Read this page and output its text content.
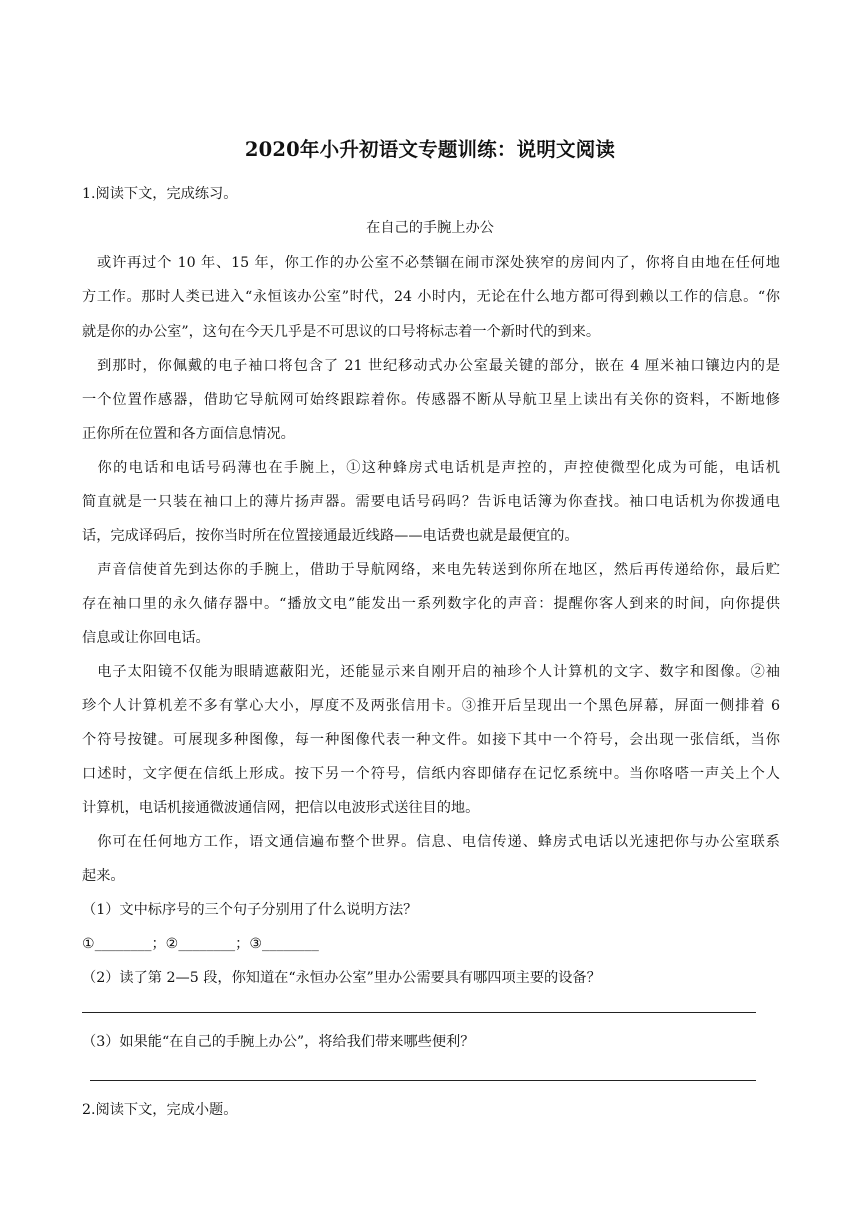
2020年小升初语文专题训练：说明文阅读
1.阅读下文，完成练习。
在自己的手腕上办公
　或许再过个 10 年、15 年，你工作的办公室不必禁锢在闹市深处狭窄的房间内了，你将自由地在任何地
方工作。那时人类已进入“永恒该办公室”时代，24 小时内，无论在什么地方都可得到赖以工作的信息。“你
就是你的办公室”，这句在今天几乎是不可思议的口号将标志着一个新时代的到来。
　到那时，你佩戴的电子袖口将包含了 21 世纪移动式办公室最关键的部分，嵌在 4 厘米袖口镶边内的是
一个位置作感器，借助它导航网可始终跟踪着你。传感器不断从导航卫星上读出有关你的资料，不断地修
正你所在位置和各方面信息情况。
　你的电话和电话号码薄也在手腕上，①这种蜂房式电话机是声控的，声控使微型化成为可能，电话机
简直就是一只装在袖口上的薄片扬声器。需要电话号码吗？告诉电话簿为你查找。袖口电话机为你拨通电
话，完成译码后，按你当时所在位置接通最近线路——电话费也就是最便宜的。
　声音信使首先到达你的手腕上，借助于导航网络，来电先转送到你所在地区，然后再传递给你，最后贮
存在袖口里的永久储存器中。“播放文电”能发出一系列数字化的声音：提醒你客人到来的时间，向你提供
信息或让你回电话。
　电子太阳镜不仅能为眼睛遮蔽阳光，还能显示来自刚开启的袖珍个人计算机的文字、数字和图像。②袖
珍个人计算机差不多有掌心大小，厚度不及两张信用卡。③推开后呈现出一个黑色屏幕，屏面一侧排着 6
个符号按键。可展现多种图像，每一种图像代表一种文件。如接下其中一个符号，会出现一张信纸，当你
口述时，文字便在信纸上形成。按下另一个符号，信纸内容即储存在记忆系统中。当你咯嗒一声关上个人
计算机，电话机接通微波通信网，把信以电波形式送往目的地。
　你可在任何地方工作，语文通信遍布整个世界。信息、电信传递、蜂房式电话以光速把你与办公室联系
起来。
（1）文中标序号的三个句子分别用了什么说明方法？
①________；②________；③________
（2）读了第 2—5 段，你知道在“永恒办公室”里办公需要具有哪四项主要的设备？
（3）如果能“在自己的手腕上办公”，将给我们带来哪些便利？
2.阅读下文，完成小题。
